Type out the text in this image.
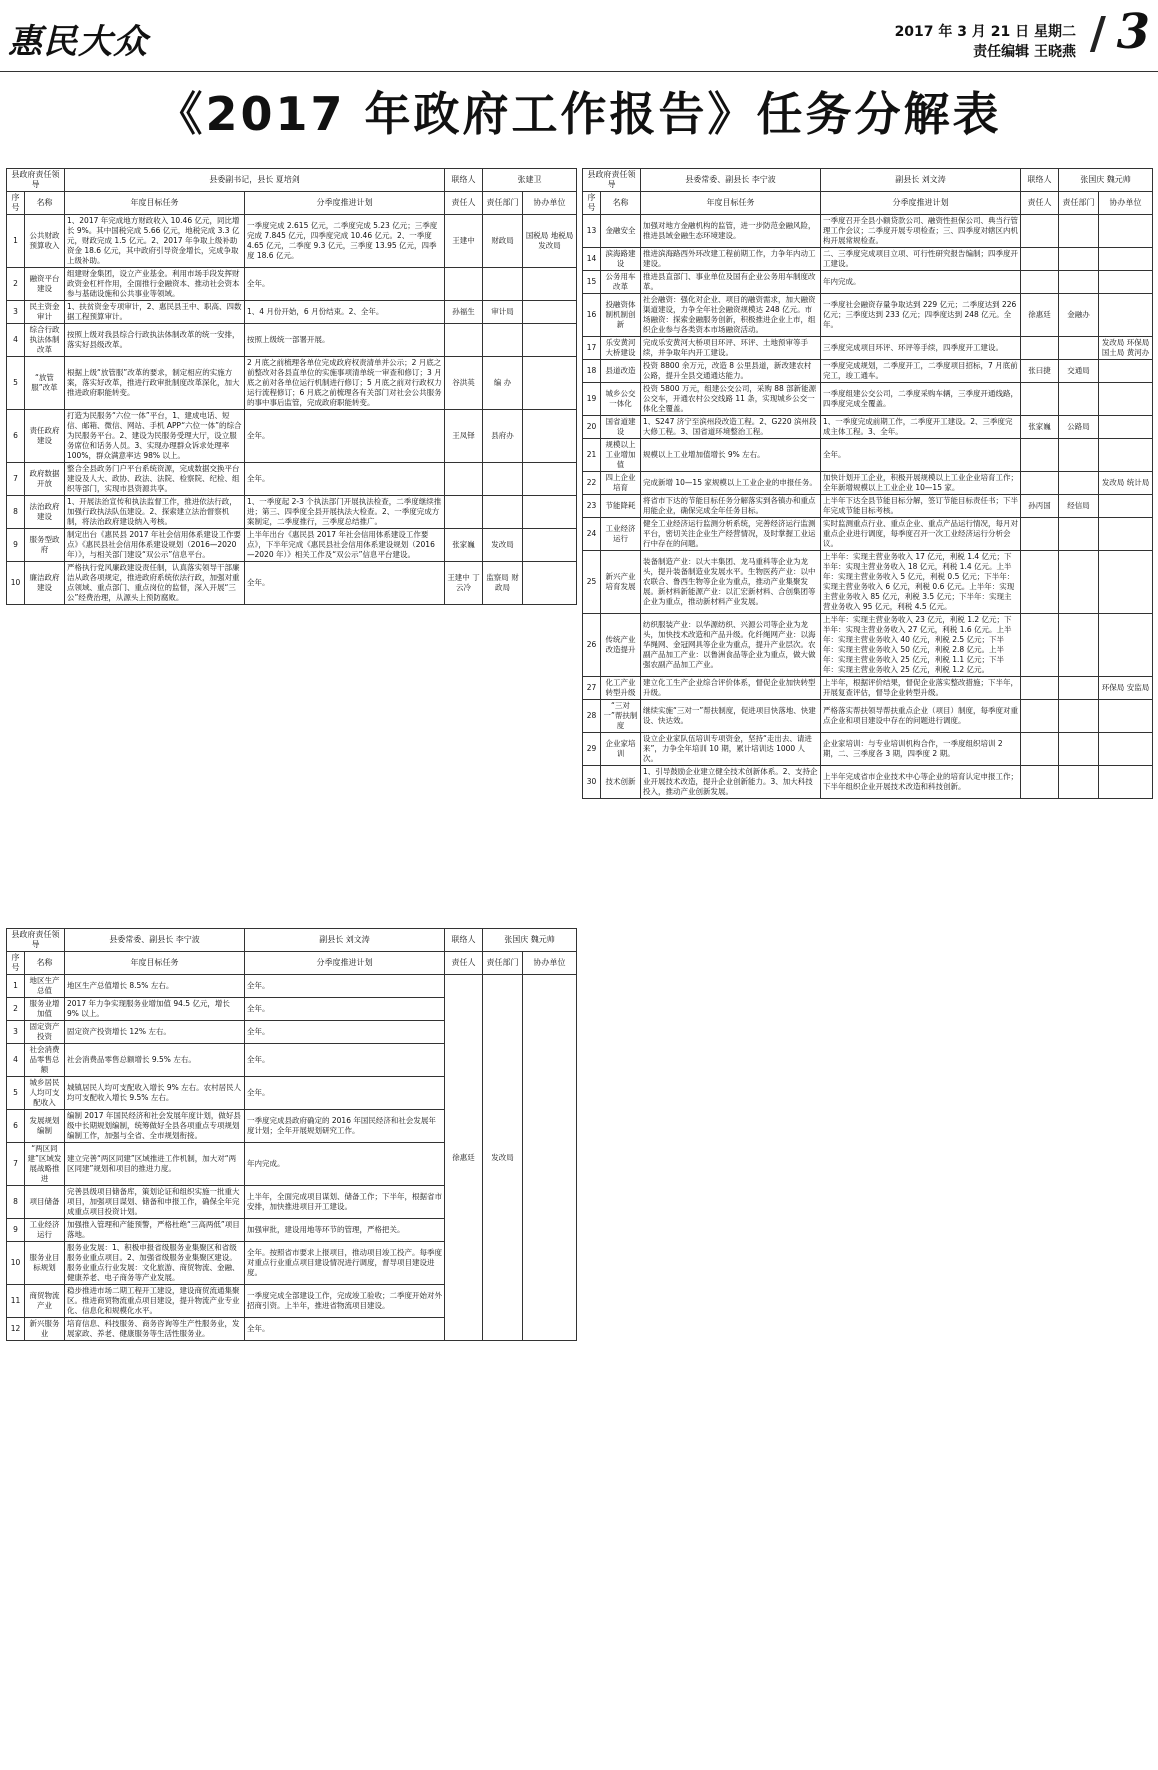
惠民大众	2017 年 3 月 21 日 星期二
责任编辑 王晓燕 / 3
《2017 年政府工作报告》任务分解表
县政府责任领导		县委副书记，县长 夏培剑		联络人	张建卫	
序号	名称	年度目标任务	分季度推进计划	责任人	责任部门	协办单位
1	公共财政预算收入	1、2017 年完成地方财政收入 10.46 亿元，同比增长 9%。其中国税完成 5.66 亿元，地税完成 3.3 亿元，财政完成 1.5 亿元。2、2017 年争取上级补助资金 18.6 亿元，其中政府引导资金增长，完成争取上级补助。	一季度完成 2.615 亿元，二季度完成 5.23 亿元；三季度完成 7.845 亿元，四季度完成 10.46 亿元。2、一季度 4.65 亿元，二季度 9.3 亿元，三季度 13.95 亿元，四季度 18.6 亿元。	王建中	财政局	国税局 地税局 发改局
2	融资平台建设	组建财金集团，设立产业基金。利用市场手段发挥财政资金杠杆作用，全面推行金融资本、推动社会资本参与基础设施和公共事业等领域。	全年。			
3	民主资金审计	1、扶贫资金专项审计，2、惠民县王中、职高、四数据工程预算审计。	1、4 月份开始，6 月份结束。2、全年。	孙福生	审计局	
4	综合行政执法体制改革	按照上级对我县综合行政执法体制改革的统一安排，落实好县级改革。	按照上级统一部署开展。			
5	“放管服”改革	根据上级“放管服”改革的要求，制定相应的实施方案，落实好改革，推进行政审批制度改革深化，加大推进政府职能转变。	2 月底之前梳理各单位完成政府权责清单并公示；2 月底之前整改对各县直单位的实施事项清单统一审查和修订；3 月底之前对各单位运行机制进行修订；5 月底之前对行政权力运行流程修订；6 月底之前梳理各有关部门对社会公共服务的事中事后监管，完成政府职能转变。	谷洪英	编 办	
6	责任政府建设	打造为民服务“六位一体”平台，1、建成电话、短信、邮箱、微信、网站、手机 APP“六位一体”的综合为民服务平台。2、建设为民服务受理大厅，设立服务席位和话务人员。3、实现办理群众诉求处理率 100%，群众满意率达 98% 以上。	全年。	王凤铎	县府办	
7	政府数据开放	整合全县政务门户平台系统资源，完成数据交换平台建设及人大、政协、政法、法院、检察院、纪检、组织等部门，实现市县资源共享。	全年。			
8	法治政府建设	1、开展法治宣传和执法监督工作，推进依法行政，加强行政执法队伍建设。2、探索建立法治督察机制，将法治政府建设纳入考核。	1、一季度起 2-3 个执法部门开展执法检查，二季度继续推进；第三、四季度全县开展执法大检查。2、一季度完成方案制定，二季度推行，三季度总结推广。			
9	服务型政府	制定出台《惠民县 2017 年社会信用体系建设工作要点》《惠民县社会信用体系建设规划（2016—2020 年）》，与相关部门建设“双公示”信息平台。	上半年出台《惠民县 2017 年社会信用体系建设工作要点》，下半年完成《惠民县社会信用体系建设规划（2016—2020 年）》相关工作及“双公示”信息平台建设。	张家巍	发改局	
10	廉洁政府建设	严格执行党风廉政建设责任制，认真落实领导干部廉洁从政各项规定，推进政府系统依法行政，加强对重点领域、重点部门、重点岗位的监督，深入开展“三公”经费治理，从源头上预防腐败。	全年。	王建中 丁云冷	监察局 财政局	
县政府责任领导		县委常委、副县长 李宁波	副县长 刘文涛	联络人	张国庆 魏元帅	
序号	名称	年度目标任务	分季度推进计划	责任人	责任部门	协办单位
1	地区生产总值	地区生产总值增长 8.5% 左右。	全年。	徐惠廷	发改局	
2	服务业增加值	2017 年力争实现服务业增加值 94.5 亿元，增长 9% 以上。	全年。			
3	固定资产投资	固定资产投资增长 12% 左右。	全年。			
4	社会消费品零售总额	社会消费品零售总额增长 9.5% 左右。	全年。			
5	城乡居民人均可支配收入	城镇居民人均可支配收入增长 9% 左右。农村居民人均可支配收入增长 9.5% 左右。	全年。			
6	发展规划编制	编制 2017 年国民经济和社会发展年度计划，做好县级中长期规划编制，统筹做好全县各项重点专项规划编制工作，加强与全省、全市规划衔接。	一季度完成县政府确定的 2016 年国民经济和社会发展年度计划；全年开展规划研究工作。			
7	“两区同建”区域发展战略推进	建立完善“两区同建”区域推进工作机制，加大对“两区同建”规划和项目的推进力度。	年内完成。			
8	项目储备	完善县级项目储备库，策划论证和组织实施一批重大项目，加强项目谋划、储备和申报工作，确保全年完成重点项目投资计划。	上半年，全面完成项目谋划、储备工作；下半年，根据省市安排，加快推进项目开工建设。			
9	工业经济运行	加强推入管理和产能预警，严格杜绝“三高两低”项目落地。	加强审批，建设用地等环节的管理，严格把关。			
10	服务业目标规划	服务业发展：1、积极申报省级服务业集聚区和省级服务业重点项目。2、加强省级服务业集聚区建设。服务业重点行业发展：文化旅游、商贸物流、金融、健康养老、电子商务等产业发展。	全年。按照省市要求上报项目，推动项目竣工投产。每季度对重点行业重点项目建设情况进行调度，督导项目建设进度。			
11	商贸物流产业	稳步推进市场二期工程开工建设，建设商贸流通集聚区。推进商贸物流重点项目建设，提升物流产业专业化、信息化和规模化水平。	一季度完成全部建设工作，完成竣工验收；二季度开始对外招商引资。上半年，推进省物流项目建设。			
12	新兴服务业	培育信息、科技服务、商务咨询等生产性服务业，发展家政、养老、健康服务等生活性服务业。	全年。			
县政府责任领导		县委常委、副县长 李宁波	副县长 刘文涛	联络人	张国庆 魏元帅	
序号	名称	年度目标任务	分季度推进计划	责任人	责任部门	协办单位
13	金融安全	加强对地方金融机构的监管，进一步防范金融风险，推进县域金融生态环境建设。	一季度召开全县小额贷款公司、融资性担保公司、典当行管理工作会议；二季度开展专项检查；三、四季度对辖区内机构开展常规检查。			
14	滨海路建设	推进滨海路西外环改建工程前期工作，力争年内动工建设。	二、三季度完成项目立项、可行性研究报告编制；四季度开工建设。			
15	公务用车改革	推进县直部门、事业单位及国有企业公务用车制度改革。	年内完成。			
16	投融资体制机制创新	社会融资：强化对企业、项目的融资需求，加大融资渠道建设，力争全年社会融资规模达 248 亿元。市场融资：探索金融服务创新，积极推进企业上市，组织企业参与各类资本市场融资活动。	一季度社会融资存量争取达到 229 亿元；二季度达到 226 亿元；三季度达到 233 亿元；四季度达到 248 亿元。全年。	徐惠廷	金融办	
17	乐安黄河大桥建设	完成乐安黄河大桥项目环评、环评、土地预审等手续，并争取年内开工建设。	三季度完成项目环评、环评等手续，四季度开工建设。			发改局 环保局 国土局 黄河办
18	县道改造	投资 8800 余万元，改造 8 公里县道，新改建农村公路，提升全县交通通达能力。	一季度完成规划，二季度开工，二季度项目招标，7 月底前完工，竣工通车。	张曰捷	交通局	
19	城乡公交一体化	投资 5800 万元，组建公交公司，采购 88 部新能源公交车，开通农村公交线路 11 条，实现城乡公交一体化全覆盖。	一季度组建公交公司，二季度采购车辆，三季度开通线路，四季度完成全覆盖。			
20	国省道建设	1、S247 济宁至滨州段改造工程。2、G220 滨州段大修工程。3、国省道环境整治工程。	1、一季度完成前期工作，二季度开工建设。2、三季度完成主体工程。3、全年。	张家巍	公路局	
21	规模以上工业增加值	规模以上工业增加值增长 9% 左右。	全年。			
22	四上企业培育	完成新增 10—15 家规模以上工业企业的申报任务。	加快计划开工企业，积极开展规模以上工业企业培育工作；全年新增规模以上工业企业 10—15 家。			发改局 统计局
23	节能降耗	将省市下达的节能目标任务分解落实到各镇办和重点用能企业，确保完成全年任务目标。	上半年下达全县节能目标分解，签订节能目标责任书；下半年完成节能目标考核。	孙丙国	经信局	
24	工业经济运行	健全工业经济运行监测分析系统，完善经济运行监测平台，密切关注企业生产经营情况，及时掌握工业运行中存在的问题。	实时监测重点行业、重点企业、重点产品运行情况，每月对重点企业进行调度，每季度召开一次工业经济运行分析会议。			
25	新兴产业培育发展	装备制造产业：以大丰集团、龙马重科等企业为龙头，提升装备制造业发展水平。生物医药产业：以中农联合、鲁西生物等企业为重点，推动产业集聚发展。新材料新能源产业：以汇宏新材料、合创集团等企业为重点，推动新材料产业发展。	上半年：实现主营业务收入 17 亿元，利税 1.4 亿元；下半年：实现主营业务收入 18 亿元，利税 1.4 亿元。上半年：实现主营业务收入 5 亿元，利税 0.5 亿元；下半年：实现主营业务收入 6 亿元，利税 0.6 亿元。上半年：实现主营业务收入 85 亿元，利税 3.5 亿元；下半年：实现主营业务收入 95 亿元，利税 4.5 亿元。			
26	传统产业改造提升	纺织服装产业：以华源纺织、兴源公司等企业为龙头，加快技术改造和产品升级。化纤绳网产业：以海华绳网、金冠网具等企业为重点，提升产业层次。农副产品加工产业：以鲁洲食品等企业为重点，做大做强农副产品加工产业。	上半年：实现主营业务收入 23 亿元，利税 1.2 亿元；下半年：实现主营业务收入 27 亿元，利税 1.6 亿元。上半年：实现主营业务收入 40 亿元，利税 2.5 亿元；下半年：实现主营业务收入 50 亿元，利税 2.8 亿元。上半年：实现主营业务收入 25 亿元，利税 1.1 亿元；下半年：实现主营业务收入 25 亿元，利税 1.2 亿元。			
27	化工产业转型升级	建立化工生产企业综合评价体系，督促企业加快转型升级。	上半年，根据评价结果，督促企业落实整改措施；下半年，开展复查评估，督导企业转型升级。			环保局 安监局
28	“三对一”帮扶制度	继续实施“三对一”帮扶制度，促进项目快落地、快建设、快达效。	严格落实帮扶领导帮扶重点企业（项目）制度，每季度对重点企业和项目建设中存在的问题进行调度。			
29	企业家培训	设立企业家队伍培训专项资金，坚持“走出去、请进来”，力争全年培训 10 期，累计培训达 1000 人次。	企业家培训：与专业培训机构合作，一季度组织培训 2 期，二、三季度各 3 期，四季度 2 期。			
30	技术创新	1、引导鼓励企业建立健全技术创新体系。2、支持企业开展技术改造，提升企业创新能力。3、加大科技投入，推动产业创新发展。	上半年完成省市企业技术中心等企业的培育认定申报工作；下半年组织企业开展技术改造和科技创新。			
